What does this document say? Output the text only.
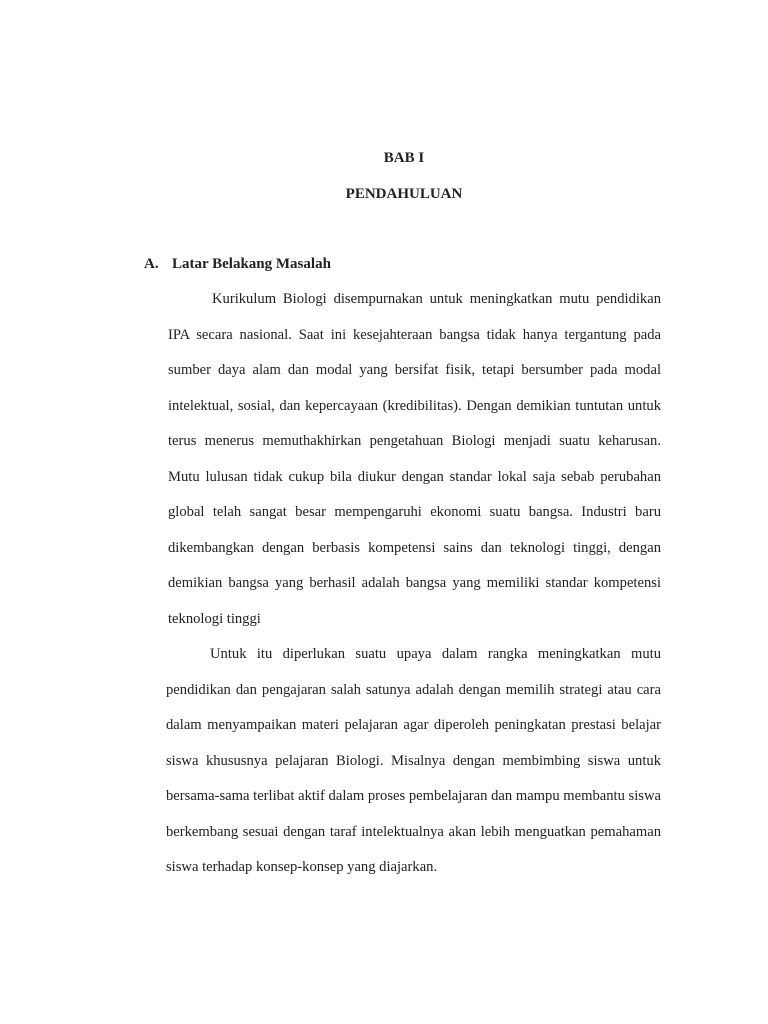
BAB I
PENDAHULUAN
A. Latar Belakang Masalah

Kurikulum Biologi disempurnakan untuk meningkatkan mutu pendidikan IPA secara nasional. Saat ini kesejahteraan bangsa tidak hanya tergantung pada sumber daya alam dan modal yang bersifat fisik, tetapi bersumber pada modal intelektual, sosial, dan kepercayaan (kredibilitas). Dengan demikian tuntutan untuk terus menerus memuthakhirkan pengetahuan Biologi menjadi suatu keharusan. Mutu lulusan tidak cukup bila diukur dengan standar lokal saja sebab perubahan global telah sangat besar mempengaruhi ekonomi suatu bangsa. Industri baru dikembangkan dengan berbasis kompetensi sains dan teknologi tinggi, dengan demikian bangsa yang berhasil adalah bangsa yang memiliki standar kompetensi teknologi tinggi

Untuk itu diperlukan suatu upaya dalam rangka meningkatkan mutu pendidikan dan pengajaran salah satunya adalah dengan memilih strategi atau cara dalam menyampaikan materi pelajaran agar diperoleh peningkatan prestasi belajar siswa khususnya pelajaran Biologi. Misalnya dengan membimbing siswa untuk bersama-sama terlibat aktif dalam proses pembelajaran dan mampu membantu siswa berkembang sesuai dengan taraf intelektualnya akan lebih menguatkan pemahaman siswa terhadap konsep-konsep yang diajarkan.
